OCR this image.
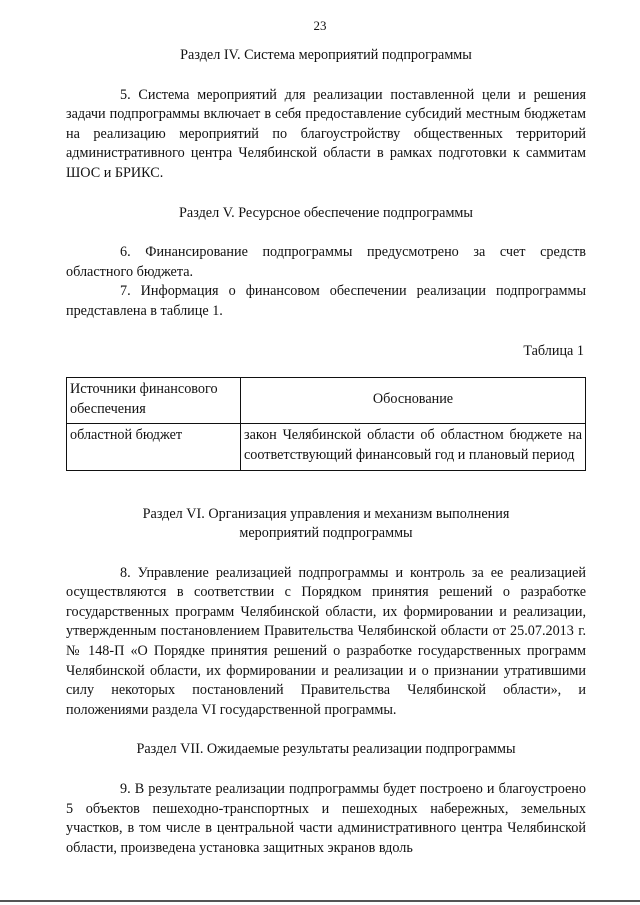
23

Раздел IV. Система мероприятий подпрограммы

5. Система мероприятий для реализации поставленной цели и решения задачи подпрограммы включает в себя предоставление субсидий местным бюджетам на реализацию мероприятий по благоустройству общественных территорий административного центра Челябинской области в рамках подготовки к саммитам ШОС и БРИКС.

Раздел V. Ресурсное обеспечение подпрограммы

6. Финансирование подпрограммы предусмотрено за счет средств областного бюджета.

7. Информация о финансовом обеспечении реализации подпрограммы представлена в таблице 1.

Таблица 1

Источники финансового обеспечения	Обоснование
областной бюджет	закон Челябинской области об областном бюджете на соответствующий финансовый год и плановый период

Раздел VI. Организация управления и механизм выполнения

мероприятий подпрограммы

8. Управление реализацией подпрограммы и контроль за ее реализацией осуществляются в соответствии с Порядком принятия решений о разработке государственных программ Челябинской области, их формировании и реализации, утвержденным постановлением Правительства Челябинской области от 25.07.2013 г. № 148-П «О Порядке принятия решений о разработке государственных программ Челябинской области, их формировании и реализации и о признании утратившими силу некоторых постановлений Правительства Челябинской области», и положениями раздела VI государственной программы.

Раздел VII. Ожидаемые результаты реализации подпрограммы

9. В результате реализации подпрограммы будет построено и благоустроено 5 объектов пешеходно-транспортных и пешеходных набережных, земельных участков, в том числе в центральной части административного центра Челябинской области, произведена установка защитных экранов вдоль
